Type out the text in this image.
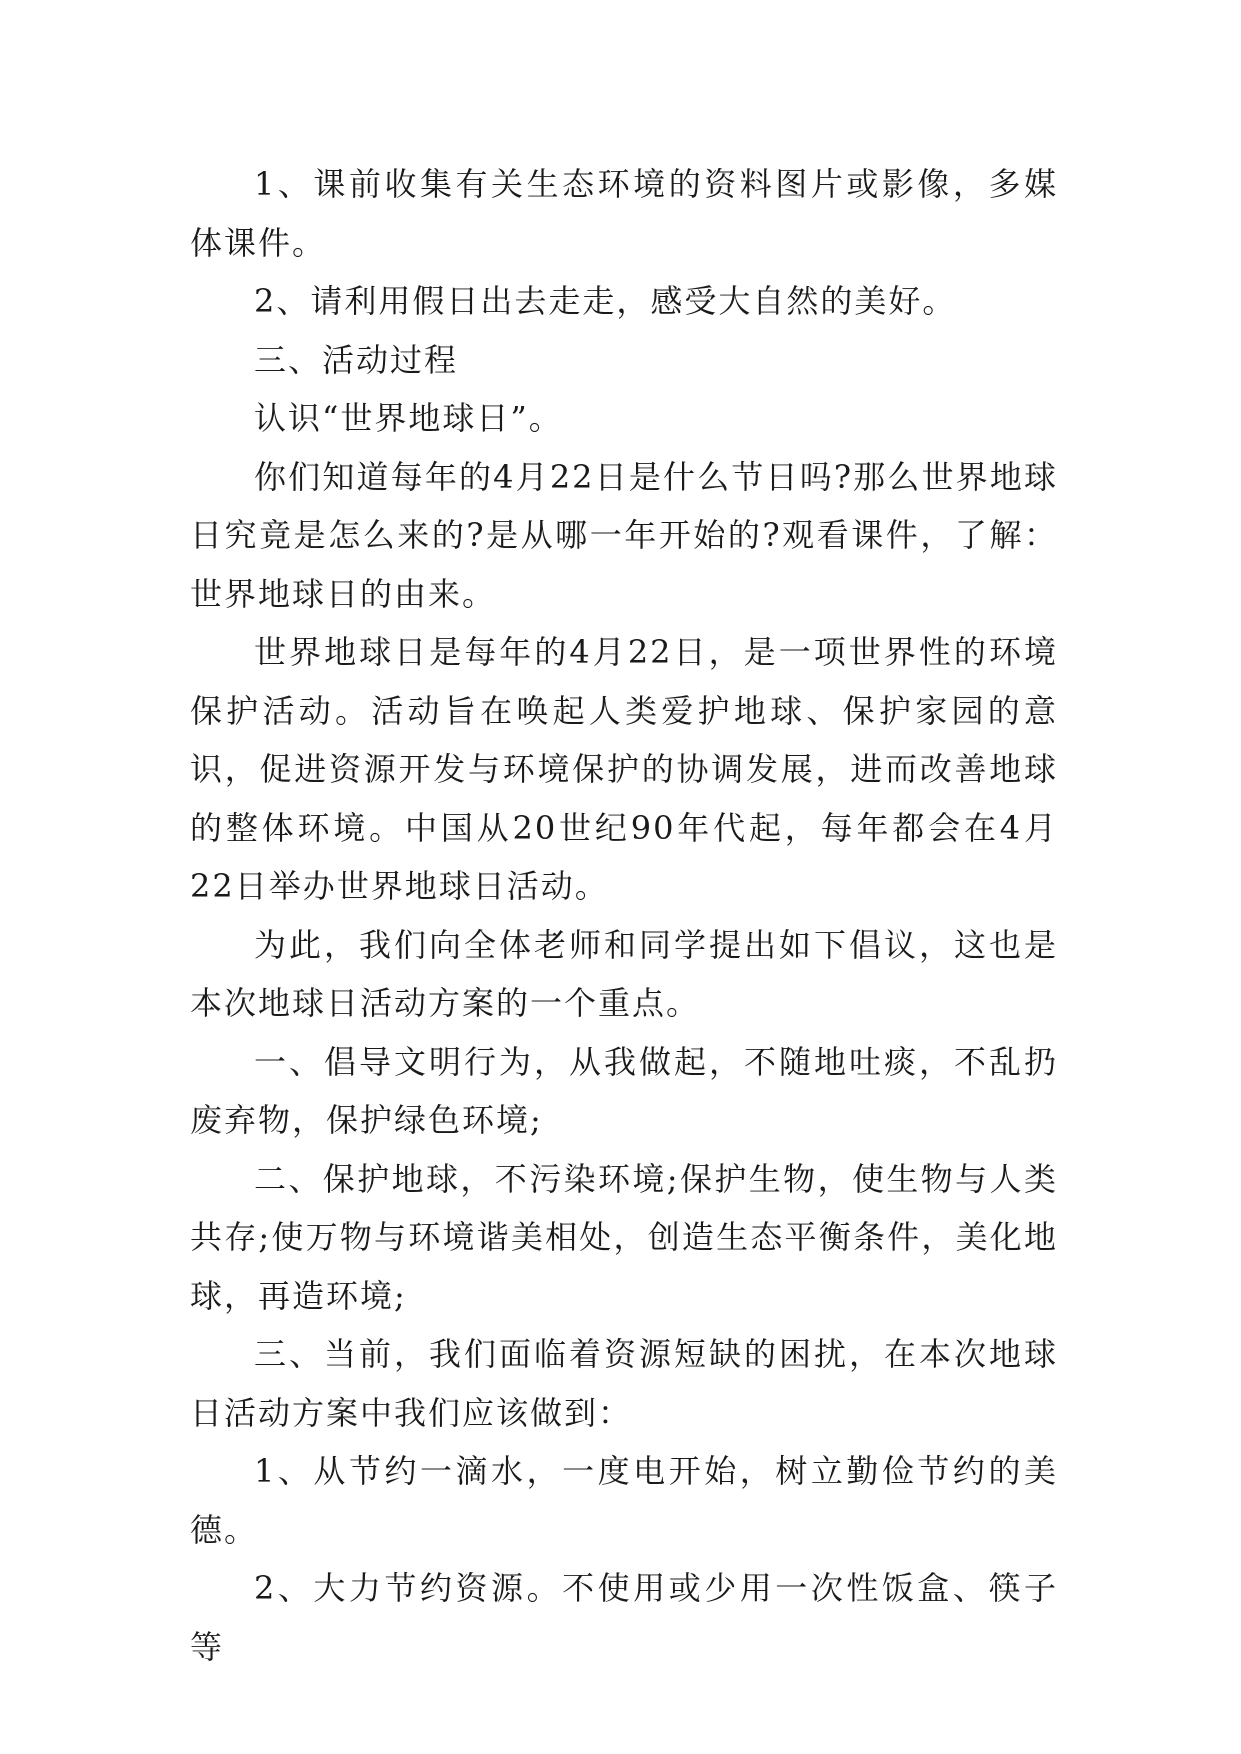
1、课前收集有关生态环境的资料图片或影像，多媒体课件。

2、请利用假日出去走走，感受大自然的美好。

三、活动过程

认识“世界地球日”。

你们知道每年的4月22日是什么节日吗?那么世界地球日究竟是怎么来的?是从哪一年开始的?观看课件，了解：世界地球日的由来。

世界地球日是每年的4月22日，是一项世界性的环境保护活动。活动旨在唤起人类爱护地球、保护家园的意识，促进资源开发与环境保护的协调发展，进而改善地球的整体环境。中国从20世纪90年代起，每年都会在4月22日举办世界地球日活动。

为此，我们向全体老师和同学提出如下倡议，这也是本次地球日活动方案的一个重点。

一、倡导文明行为，从我做起，不随地吐痰，不乱扔废弃物，保护绿色环境;

二、保护地球，不污染环境;保护生物，使生物与人类共存;使万物与环境谐美相处，创造生态平衡条件，美化地球，再造环境;

三、当前，我们面临着资源短缺的困扰，在本次地球日活动方案中我们应该做到：

1、从节约一滴水，一度电开始，树立勤俭节约的美德。

2、大力节约资源。不使用或少用一次性饭盒、筷子等
